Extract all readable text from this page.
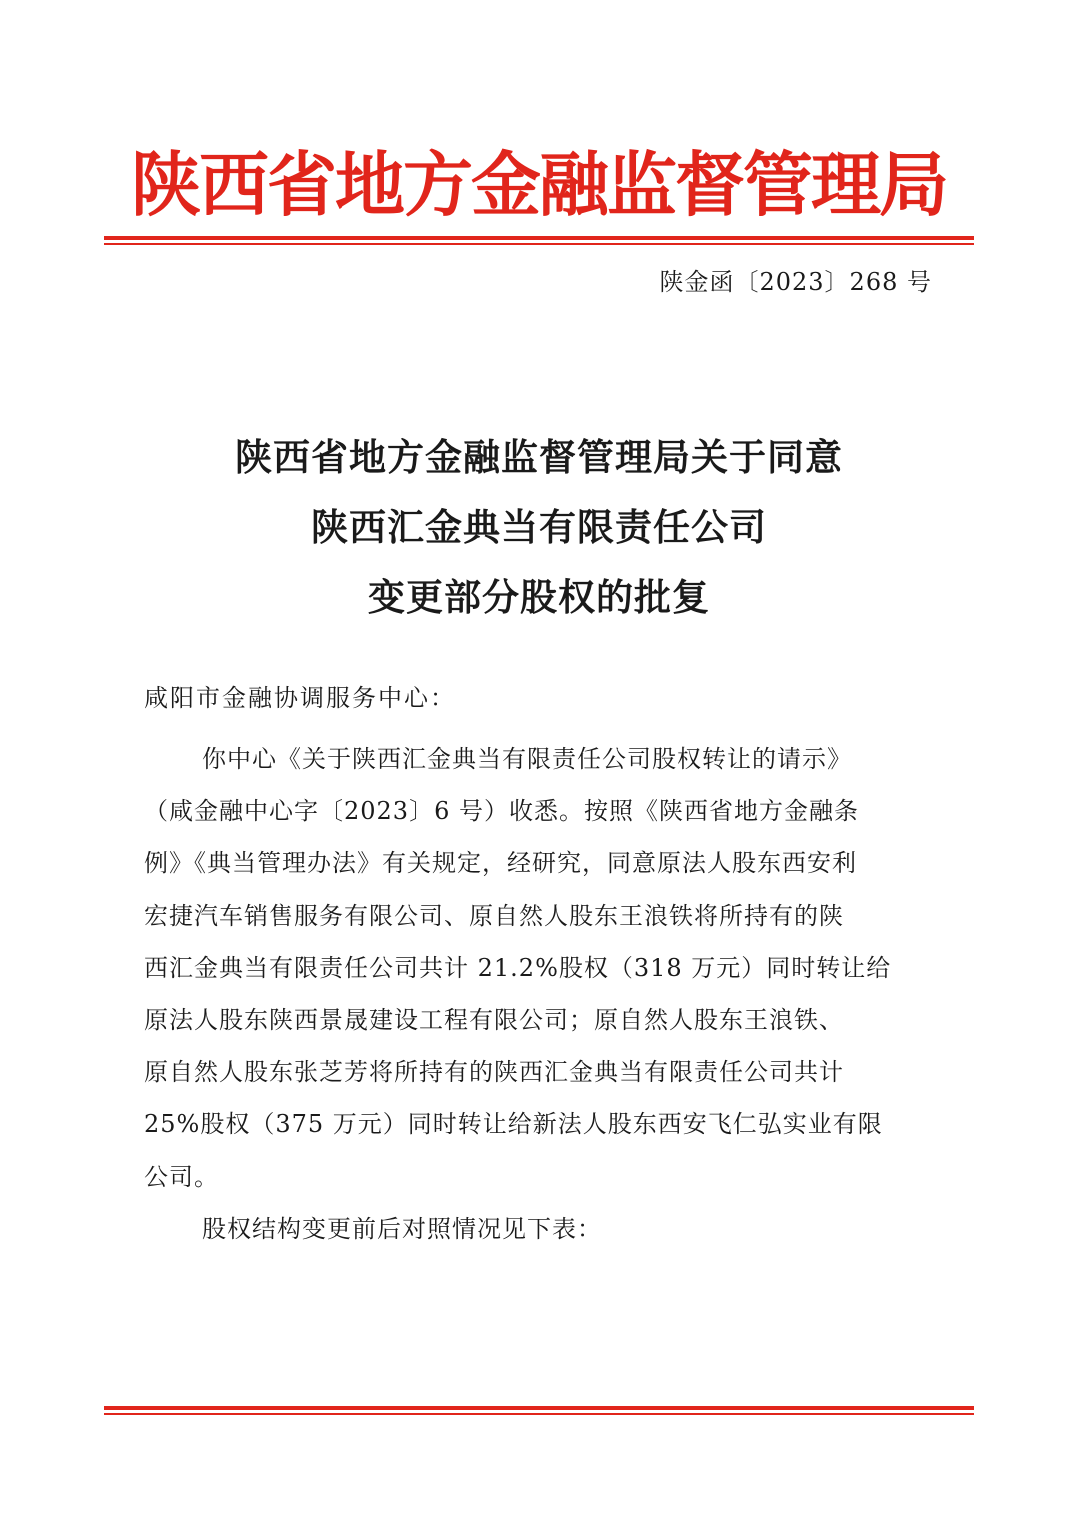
陕西省地方金融监督管理局
陕金函〔2023〕268 号
陕西省地方金融监督管理局关于同意
陕西汇金典当有限责任公司
变更部分股权的批复
咸阳市金融协调服务中心：
你中心《关于陕西汇金典当有限责任公司股权转让的请示》
（咸金融中心字〔2023〕6 号）收悉。按照《陕西省地方金融条
例》《典当管理办法》有关规定，经研究，同意原法人股东西安利
宏捷汽车销售服务有限公司、原自然人股东王浪铁将所持有的陕
西汇金典当有限责任公司共计 21.2%股权（318 万元）同时转让给
原法人股东陕西景晟建设工程有限公司；原自然人股东王浪铁、
原自然人股东张芝芳将所持有的陕西汇金典当有限责任公司共计
25%股权（375 万元）同时转让给新法人股东西安飞仁弘实业有限
公司。
股权结构变更前后对照情况见下表：
